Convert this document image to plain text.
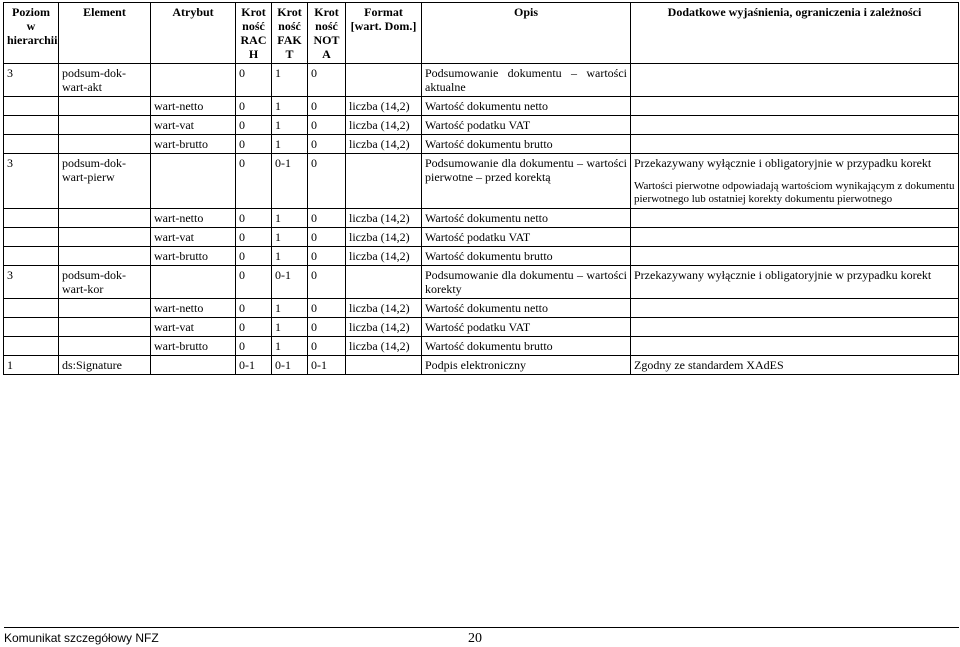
Poziom w hierarchii	Element	Atrybut	Krot ność RAC H	Krot ność FAK T	Krot ność NOT A	Format [wart. Dom.]	Opis	Dodatkowe wyjaśnienia, ograniczenia i zależności
3	podsum-dok-wart-akt		0	1	0		Podsumowanie dokumentu – wartości aktualne	
		wart-netto	0	1	0	liczba (14,2)	Wartość dokumentu netto	
		wart-vat	0	1	0	liczba (14,2)	Wartość podatku VAT	
		wart-brutto	0	1	0	liczba (14,2)	Wartość dokumentu brutto	
3	podsum-dok-wart-pierw		0	0-1	0		Podsumowanie dla dokumentu – wartości pierwotne – przed korektą	Przekazywany wyłącznie i obligatoryjnie w przypadku korekt
Wartości pierwotne odpowiadają wartościom wynikającym z dokumentu pierwotnego lub ostatniej korekty dokumentu pierwotnego

		wart-netto	0	1	0	liczba (14,2)	Wartość dokumentu netto	
		wart-vat	0	1	0	liczba (14,2)	Wartość podatku VAT	
		wart-brutto	0	1	0	liczba (14,2)	Wartość dokumentu brutto	
3	podsum-dok-wart-kor		0	0-1	0		Podsumowanie dla dokumentu – wartości korekty	Przekazywany wyłącznie i obligatoryjnie w przypadku korekt
		wart-netto	0	1	0	liczba (14,2)	Wartość dokumentu netto	
		wart-vat	0	1	0	liczba (14,2)	Wartość podatku VAT	
		wart-brutto	0	1	0	liczba (14,2)	Wartość dokumentu brutto	
1	ds:Signature		0-1	0-1	0-1		Podpis elektroniczny	Zgodny ze standardem XAdES
Komunikat szczegółowy NFZ	20
